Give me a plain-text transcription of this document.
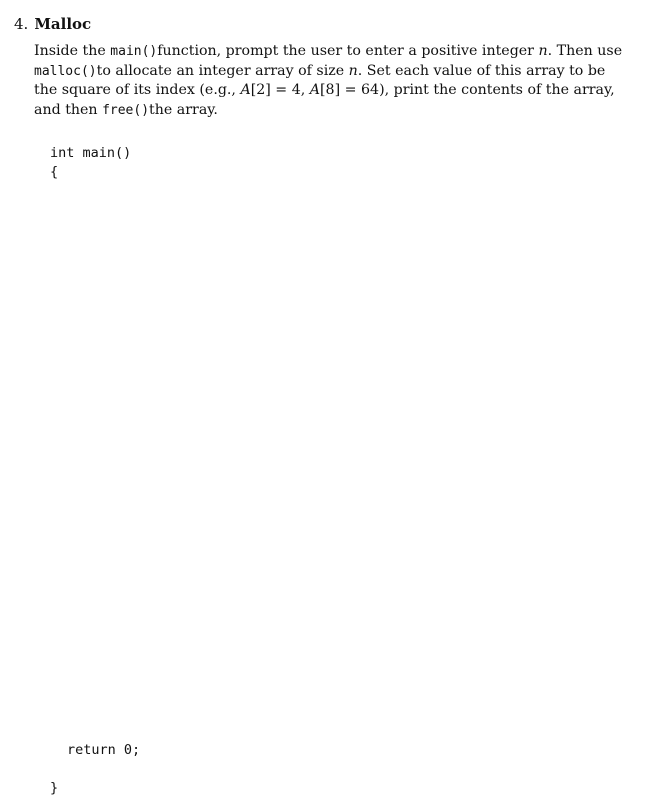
4. Malloc
Inside the main()function, prompt the user to enter a positive integer n. Then use
malloc()to allocate an integer array of size n. Set each value of this array to be
the square of its index (e.g., A[2] = 4, A[8] = 64), print the contents of the array,
and then free()the array.
int main()
{
return 0;
}
